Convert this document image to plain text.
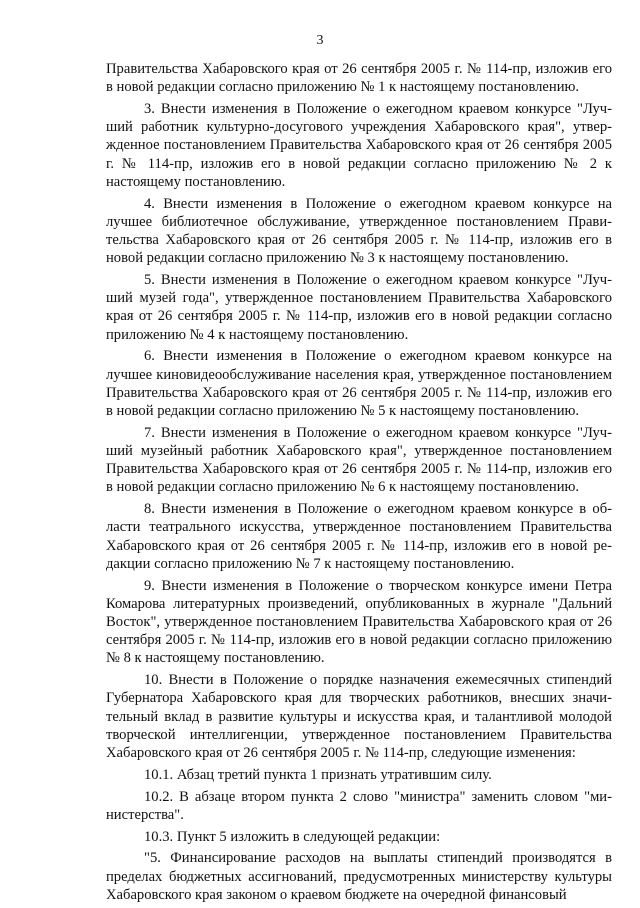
3

Правительства Хабаровского края от 26 сентября 2005 г. № 114-пр, изложив его в новой редакции согласно приложению № 1 к настоящему постановлению.

3. Внести изменения в Положение о ежегодном краевом конкурсе "Лучший работник культурно-досугового учреждения Хабаровского края", утвержденное постановлением Правительства Хабаровского края от 26 сентября 2005 г. № 114-пр, изложив его в новой редакции согласно приложению № 2 к настоящему постановлению.

4. Внести изменения в Положение о ежегодном краевом конкурсе на лучшее библиотечное обслуживание, утвержденное постановлением Правительства Хабаровского края от 26 сентября 2005 г. № 114-пр, изложив его в новой редакции согласно приложению № 3 к настоящему постановлению.

5. Внести изменения в Положение о ежегодном краевом конкурсе "Лучший музей года", утвержденное постановлением Правительства Хабаровского края от 26 сентября 2005 г. № 114-пр, изложив его в новой редакции согласно приложению № 4 к настоящему постановлению.

6. Внести изменения в Положение о ежегодном краевом конкурсе на лучшее киновидеообслуживание населения края, утвержденное постановлением Правительства Хабаровского края от 26 сентября 2005 г. № 114-пр, изложив его в новой редакции согласно приложению № 5 к настоящему постановлению.

7. Внести изменения в Положение о ежегодном краевом конкурсе "Лучший музейный работник Хабаровского края", утвержденное постановлением Правительства Хабаровского края от 26 сентября 2005 г. № 114-пр, изложив его в новой редакции согласно приложению № 6 к настоящему постановлению.

8. Внести изменения в Положение о ежегодном краевом конкурсе в области театрального искусства, утвержденное постановлением Правительства Хабаровского края от 26 сентября 2005 г. № 114-пр, изложив его в новой редакции согласно приложению № 7 к настоящему постановлению.

9. Внести изменения в Положение о творческом конкурсе имени Петра Комарова литературных произведений, опубликованных в журнале "Дальний Восток", утвержденное постановлением Правительства Хабаровского края от 26 сентября 2005 г. № 114-пр, изложив его в новой редакции согласно приложению № 8 к настоящему постановлению.

10. Внести в Положение о порядке назначения ежемесячных стипендий Губернатора Хабаровского края для творческих работников, внесших значительный вклад в развитие культуры и искусства края, и талантливой молодой творческой интеллигенции, утвержденное постановлением Правительства Хабаровского края от 26 сентября 2005 г. № 114-пр, следующие изменения:

10.1. Абзац третий пункта 1 признать утратившим силу.

10.2. В абзаце втором пункта 2 слово "министра" заменить словом "министерства".

10.3. Пункт 5 изложить в следующей редакции:

"5. Финансирование расходов на выплаты стипендий производятся в пределах бюджетных ассигнований, предусмотренных министерству культуры Хабаровского края законом о краевом бюджете на очередной финансовый
